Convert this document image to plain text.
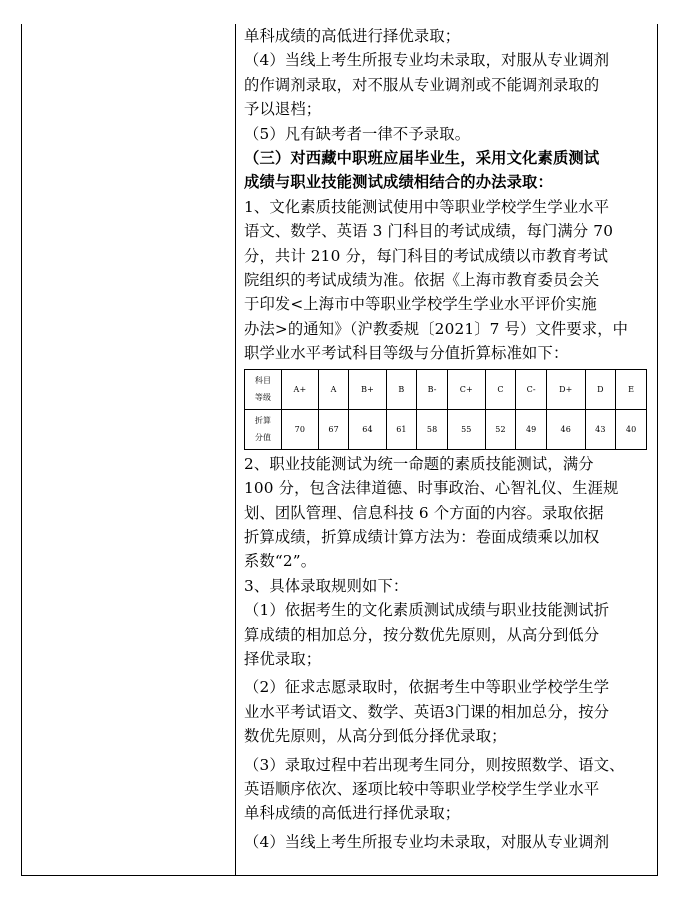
单科成绩的高低进行择优录取；

（4）当线上考生所报专业均未录取，对服从专业调剂

的作调剂录取，对不服从专业调剂或不能调剂录取的

予以退档；

（5）凡有缺考者一律不予录取。

（三）对西藏中职班应届毕业生，采用文化素质测试

成绩与职业技能测试成绩相结合的办法录取：

1、文化素质技能测试使用中等职业学校学生学业水平

语文、数学、英语 3 门科目的考试成绩，每门满分 70

分，共计 210 分，每门科目的考试成绩以市教育考试

院组织的考试成绩为准。依据《上海市教育委员会关

于印发<上海市中等职业学校学生学业水平评价实施

办法>的通知》（沪教委规〔2021〕7 号）文件要求，中

职学业水平考试科目等级与分值折算标准如下：

科目
等级	A+	A	B+	B	B-	C+	C	C-	D+	D	E
折算
分值	70	67	64	61	58	55	52	49	46	43	40

2、职业技能测试为统一命题的素质技能测试，满分

100 分，包含法律道德、时事政治、心智礼仪、生涯规

划、团队管理、信息科技 6 个方面的内容。录取依据

折算成绩，折算成绩计算方法为：卷面成绩乘以加权

系数“2”。

3、具体录取规则如下：

（1）依据考生的文化素质测试成绩与职业技能测试折

算成绩的相加总分，按分数优先原则，从高分到低分

择优录取；

（2）征求志愿录取时，依据考生中等职业学校学生学

业水平考试语文、数学、英语3门课的相加总分，按分

数优先原则，从高分到低分择优录取；

（3）录取过程中若出现考生同分，则按照数学、语文、

英语顺序依次、逐项比较中等职业学校学生学业水平

单科成绩的高低进行择优录取；

（4）当线上考生所报专业均未录取，对服从专业调剂
